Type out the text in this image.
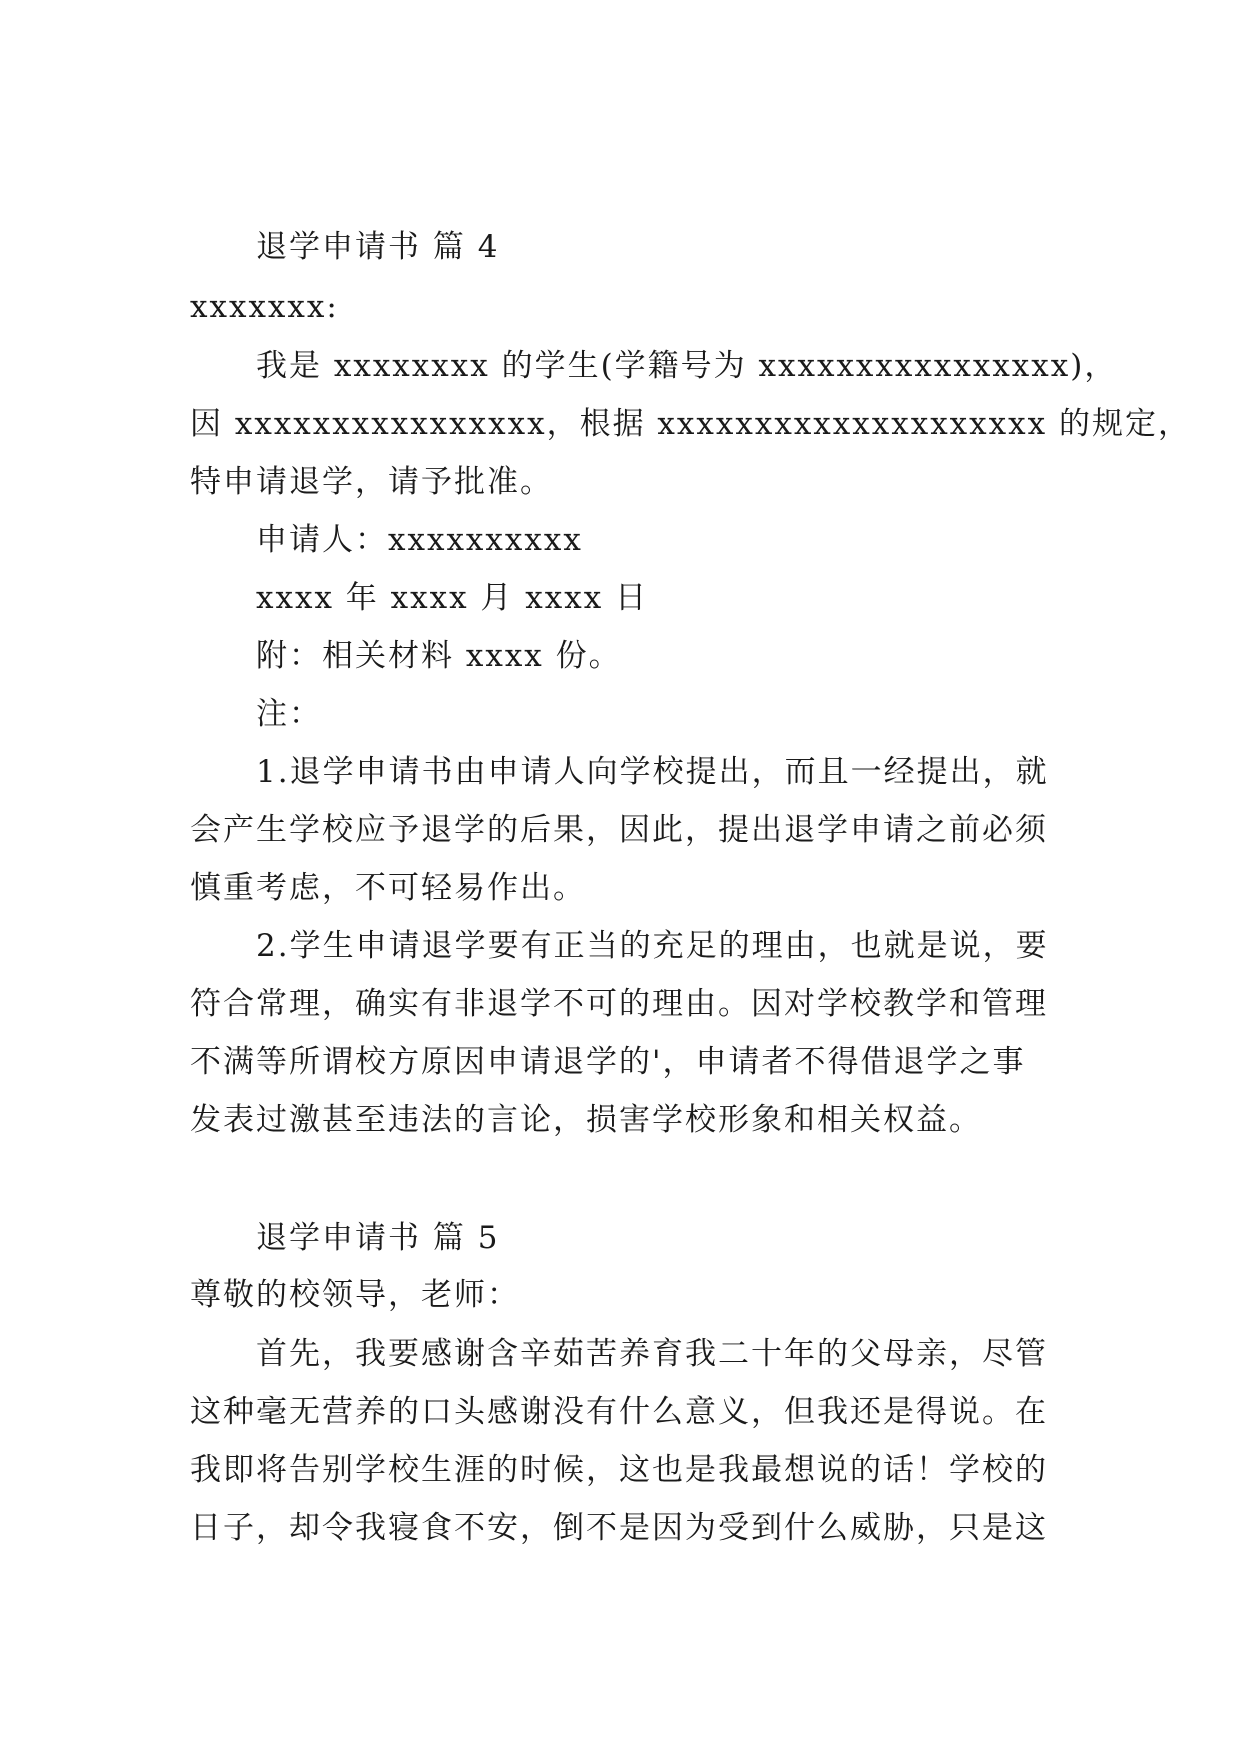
退学申请书 篇 4
xxxxxxx:
我是 xxxxxxxx 的学生(学籍号为 xxxxxxxxxxxxxxxx)，
因 xxxxxxxxxxxxxxxx，根据 xxxxxxxxxxxxxxxxxxxx 的规定，
特申请退学，请予批准。
申请人：xxxxxxxxxx
xxxx 年 xxxx 月 xxxx 日
附：相关材料 xxxx 份。
注：
1.退学申请书由申请人向学校提出，而且一经提出，就
会产生学校应予退学的后果，因此，提出退学申请之前必须
慎重考虑，不可轻易作出。
2.学生申请退学要有正当的充足的理由，也就是说，要
符合常理，确实有非退学不可的理由。因对学校教学和管理
不满等所谓校方原因申请退学的'，申请者不得借退学之事
发表过激甚至违法的言论，损害学校形象和相关权益。
退学申请书 篇 5
尊敬的校领导，老师：
首先，我要感谢含辛茹苦养育我二十年的父母亲，尽管
这种毫无营养的口头感谢没有什么意义，但我还是得说。在
我即将告别学校生涯的时候，这也是我最想说的话！学校的
日子，却令我寝食不安，倒不是因为受到什么威胁，只是这
